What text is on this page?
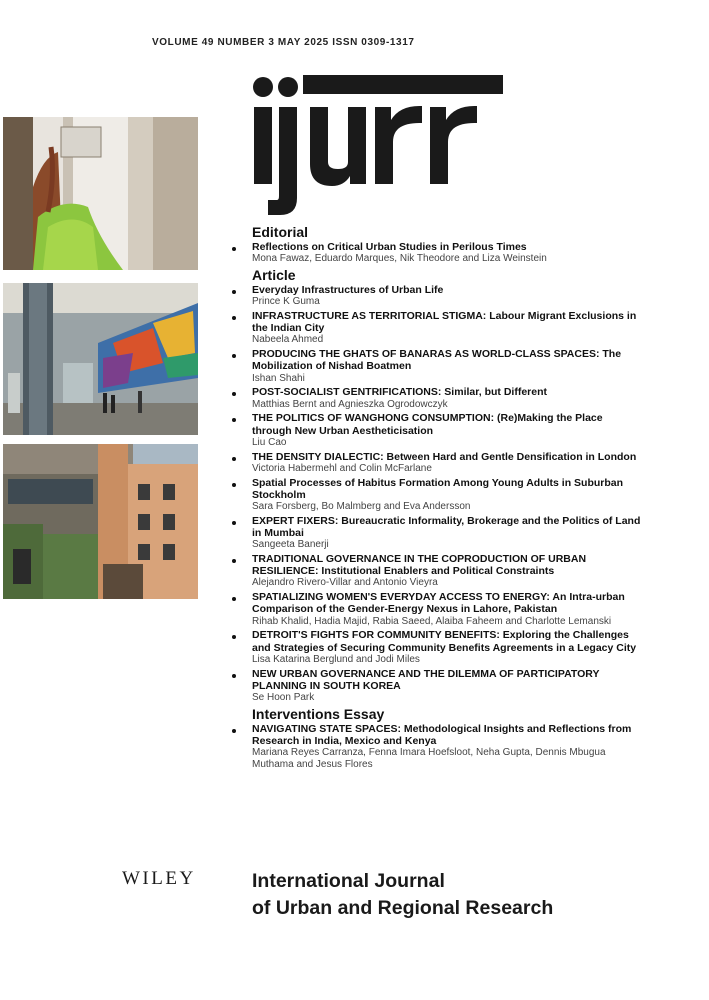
VOLUME 49 NUMBER 3 MAY 2025 ISSN 0309-1317
Editorial
Reflections on Critical Urban Studies in Perilous Times
Mona Fawaz, Eduardo Marques, Nik Theodore and Liza Weinstein
Article
Everyday Infrastructures of Urban Life
Prince K Guma
INFRASTRUCTURE AS TERRITORIAL STIGMA: Labour Migrant Exclusions in the Indian City
Nabeela Ahmed
PRODUCING THE GHATS OF BANARAS AS WORLD-CLASS SPACES: The Mobilization of Nishad Boatmen
Ishan Shahi
POST-SOCIALIST GENTRIFICATIONS: Similar, but Different
Matthias Bernt and Agnieszka Ogrodowczyk
THE POLITICS OF WANGHONG CONSUMPTION: (Re)Making the Place through New Urban Aestheticisation
Liu Cao
THE DENSITY DIALECTIC: Between Hard and Gentle Densification in London
Victoria Habermehl and Colin McFarlane
Spatial Processes of Habitus Formation Among Young Adults in Suburban Stockholm
Sara Forsberg, Bo Malmberg and Eva Andersson
EXPERT FIXERS: Bureaucratic Informality, Brokerage and the Politics of Land in Mumbai
Sangeeta Banerji
TRADITIONAL GOVERNANCE IN THE COPRODUCTION OF URBAN RESILIENCE: Institutional Enablers and Political Constraints
Alejandro Rivero-Villar and Antonio Vieyra
SPATIALIZING WOMEN'S EVERYDAY ACCESS TO ENERGY: An Intra-urban Comparison of the Gender-Energy Nexus in Lahore, Pakistan
Rihab Khalid, Hadia Majid, Rabia Saeed, Alaiba Faheem and Charlotte Lemanski
DETROIT'S FIGHTS FOR COMMUNITY BENEFITS: Exploring the Challenges and Strategies of Securing Community Benefits Agreements in a Legacy City
Lisa Katarina Berglund and Jodi Miles
NEW URBAN GOVERNANCE AND THE DILEMMA OF PARTICIPATORY PLANNING IN SOUTH KOREA
Se Hoon Park
Interventions Essay
NAVIGATING STATE SPACES: Methodological Insights and Reflections from Research in India, Mexico and Kenya
Mariana Reyes Carranza, Fenna Imara Hoefsloot, Neha Gupta, Dennis Mbugua Muthama and Jesus Flores
WILEY	International Journal
of Urban and Regional Research
